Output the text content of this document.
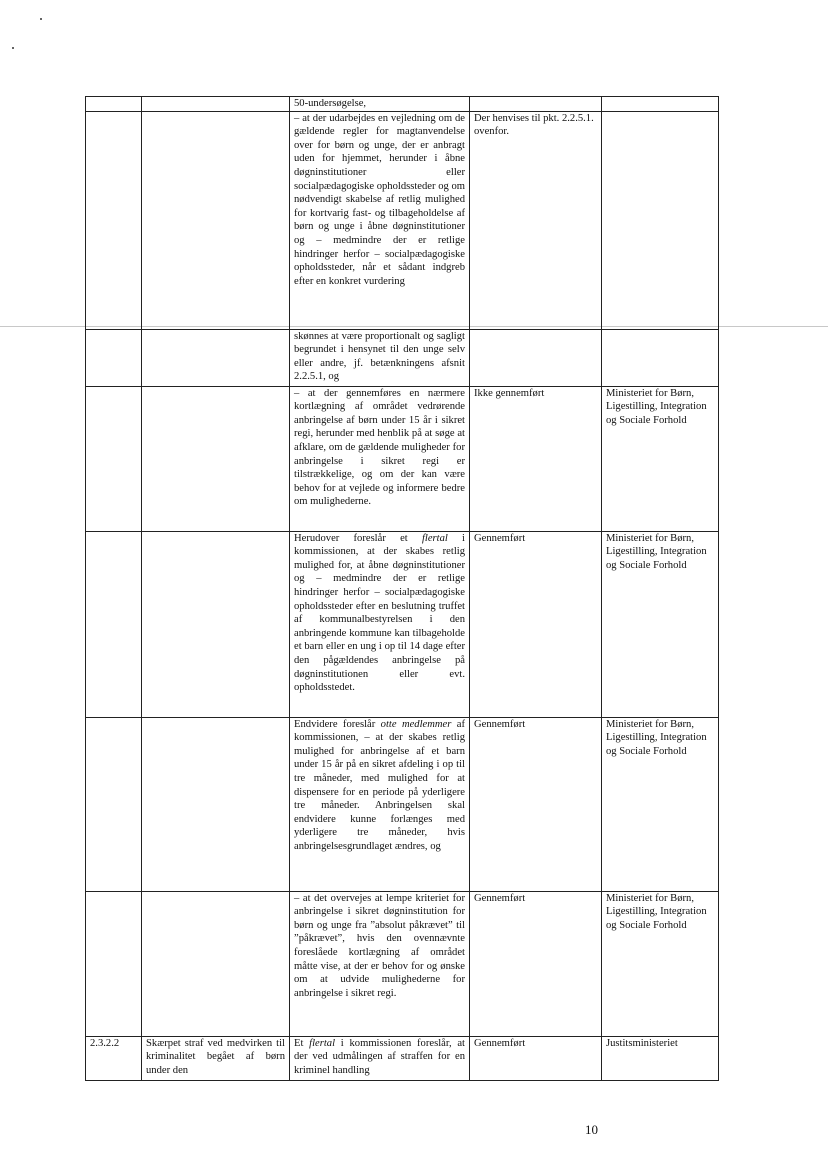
		50-undersøgelse,		
		– at der udarbejdes en vejledning om de gældende regler for magtanvendelse over for børn og unge, der er anbragt uden for hjemmet, herunder i åbne døgninstitutioner eller socialpædagogiske opholdssteder og om nødvendigt skabelse af retlig mulighed for kortvarig fast- og tilbageholdelse af børn og unge i åbne døgninstitutioner og – medmindre der er retlige hindringer herfor – socialpædagogiske opholdssteder, når et sådant indgreb efter en konkret vurdering	Der henvises til pkt. 2.2.5.1. ovenfor.	
		skønnes at være proportionalt og sagligt begrundet i hensynet til den unge selv eller andre, jf. betænkningens afsnit 2.2.5.1, og		
		– at der gennemføres en nærmere kortlægning af området vedrørende anbringelse af børn under 15 år i sikret regi, herunder med henblik på at søge at afklare, om de gældende muligheder for anbringelse i sikret regi er tilstrækkelige, og om der kan være behov for at vejlede og informere bedre om mulighederne.	Ikke gennemført	Ministeriet for Børn, Ligestilling, Integration og Sociale Forhold
		Herudover foreslår et flertal i kommissionen, at der skabes retlig mulighed for, at åbne døgninstitutioner og – medmindre der er retlige hindringer herfor – socialpædagogiske opholdssteder efter en beslutning truffet af kommunalbestyrelsen i den anbringende kommune kan tilbageholde et barn eller en ung i op til 14 dage efter den pågældendes anbringelse på døgninstitutionen eller evt. opholdsstedet.	Gennemført	Ministeriet for Børn, Ligestilling, Integration og Sociale Forhold
		Endvidere foreslår otte medlemmer af kommissionen, – at der skabes retlig mulighed for anbringelse af et barn under 15 år på en sikret afdeling i op til tre måneder, med mulighed for at dispensere for en periode på yderligere tre måneder. Anbringelsen skal endvidere kunne forlænges med yderligere tre måneder, hvis anbringelsesgrundlaget ændres, og	Gennemført	Ministeriet for Børn, Ligestilling, Integration og Sociale Forhold
		– at det overvejes at lempe kriteriet for anbringelse i sikret døgninstitution for børn og unge fra ”absolut påkrævet” til ”påkrævet”, hvis den ovennævnte foreslåede kortlægning af området måtte vise, at der er behov for og ønske om at udvide mulighederne for anbringelse i sikret regi.	Gennemført	Ministeriet for Børn, Ligestilling, Integration og Sociale Forhold
2.3.2.2	Skærpet straf ved medvirken til kriminalitet begået af børn under den	Et flertal i kommissionen foreslår, at der ved udmålingen af straffen for en kriminel handling	Gennemført	Justitsministeriet
10
